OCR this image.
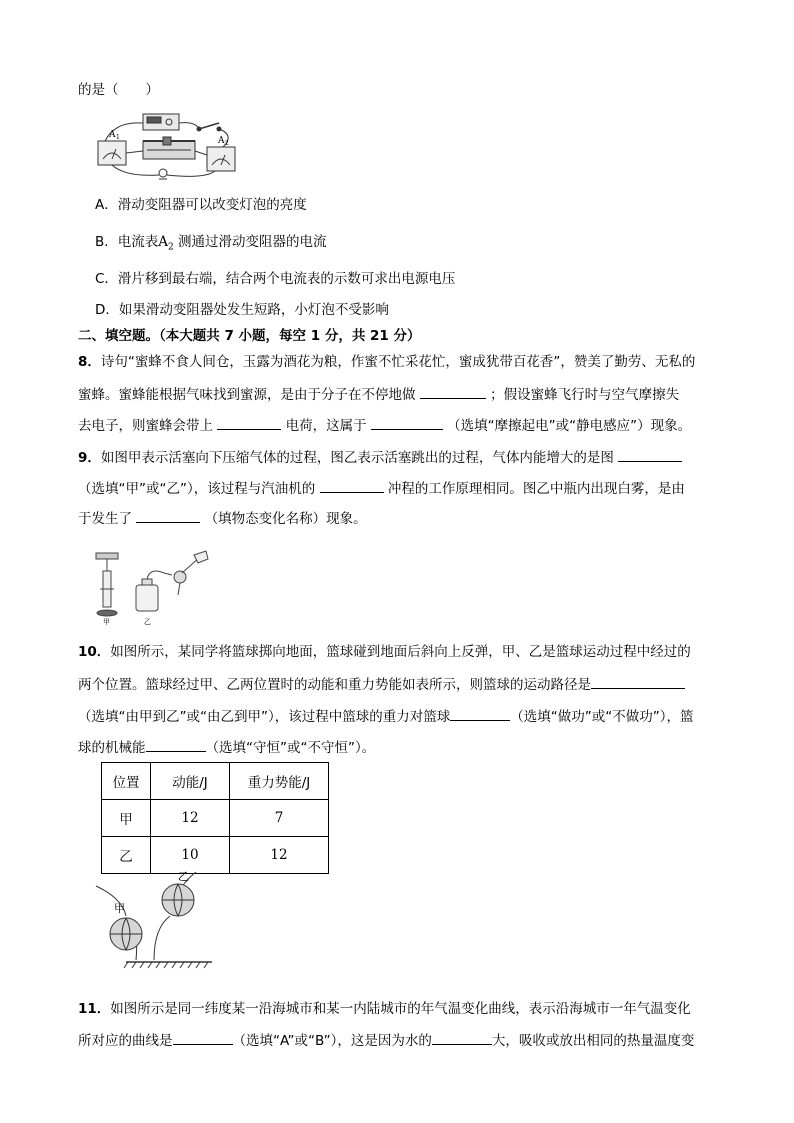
的是（　　）
A 1	A 2
A．滑动变阻器可以改变灯泡的亮度
B．电流表$A_2$ 测通过滑动变阻器的电流
C．滑片移到最右端，结合两个电流表的示数可求出电源电压
D．如果滑动变阻器处发生短路，小灯泡不受影响
二、填空题。（本大题共 7 小题，每空 1 分，共 21 分）
8．诗句“蜜蜂不食人间仓，玉露为酒花为粮，作蜜不忙采花忙，蜜成犹带百花香”，赞美了勤劳、无私的
蜜蜂。蜜蜂能根据气味找到蜜源，是由于分子在不停地做	；假设蜜蜂飞行时与空气摩擦失
去电子，则蜜蜂会带上	电荷，这属于	（选填“摩擦起电”或“静电感应”）现象。
9．如图甲表示活塞向下压缩气体的过程，图乙表示活塞跳出的过程，气体内能增大的是图
（选填“甲”或“乙”），该过程与汽油机的	冲程的工作原理相同。图乙中瓶内出现白雾，是由
于发生了	（填物态变化名称）现象。
甲	乙
10．如图所示，某同学将篮球掷向地面，篮球碰到地面后斜向上反弹，甲、乙是篮球运动过程中经过的
两个位置。篮球经过甲、乙两位置时的动能和重力势能如表所示，则篮球的运动路径是
（选填“由甲到乙”或“由乙到甲”），该过程中篮球的重力对篮球	（选填“做功”或“不做功”），篮
球的机械能	（选填“守恒”或“不守恒”）。
位置	动能/J	重力势能/J
甲	12	7
乙	10	12
甲
乙
11．如图所示是同一纬度某一沿海城市和某一内陆城市的年气温变化曲线，表示沿海城市一年气温变化
所对应的曲线是	（选填“A”或“B”），这是因为水的	大，吸收或放出相同的热量温度变
